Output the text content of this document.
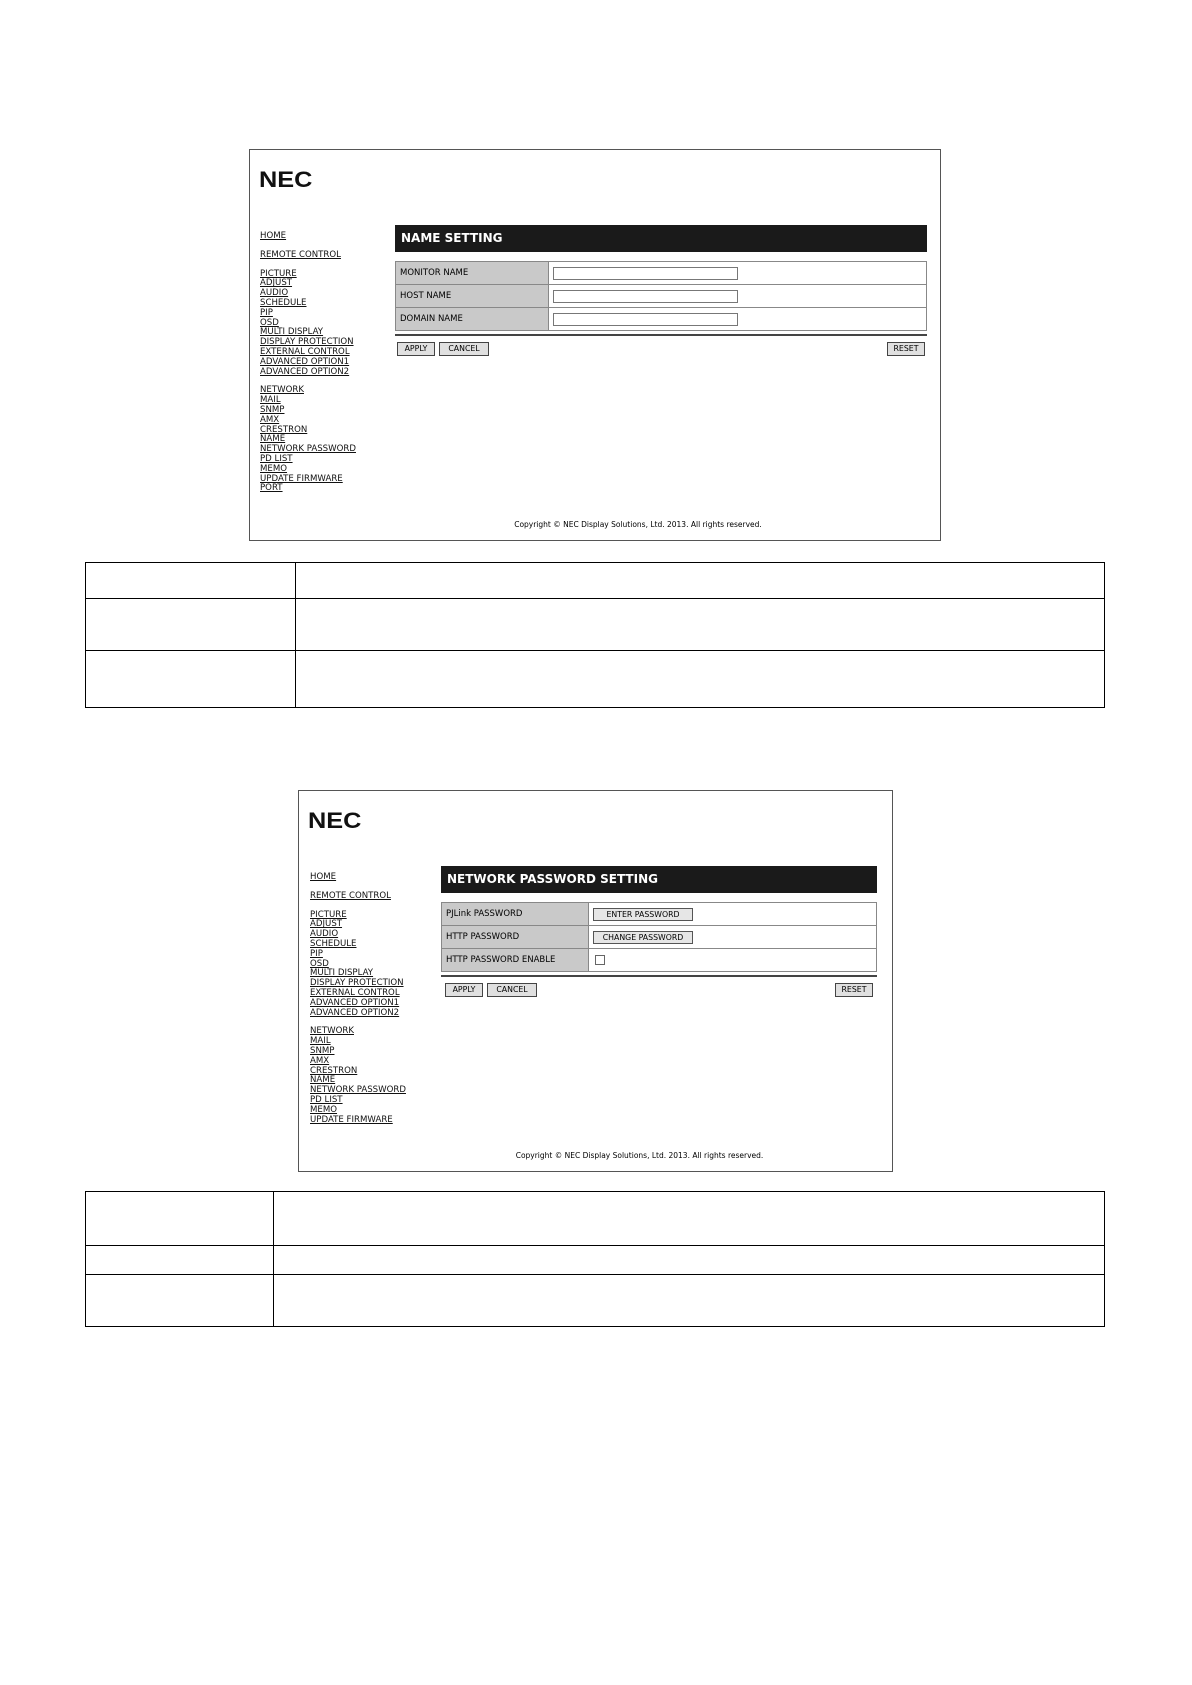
NEC
HOME
REMOTE CONTROL
PICTURE
ADJUST
AUDIO
SCHEDULE
PIP
OSD
MULTI DISPLAY
DISPLAY PROTECTION
EXTERNAL CONTROL
ADVANCED OPTION1
ADVANCED OPTION2
NETWORK
MAIL
SNMP
AMX
CRESTRON
NAME
NETWORK PASSWORD
PD LIST
MEMO
UPDATE FIRMWARE
PORT
NAME SETTING
MONITOR NAME	
HOST NAME	
DOMAIN NAME	
APPLY	CANCEL	RESET
Copyright © NEC Display Solutions, Ltd. 2013. All rights reserved.

NEC
HOME
REMOTE CONTROL
PICTURE
ADJUST
AUDIO
SCHEDULE
PIP
OSD
MULTI DISPLAY
DISPLAY PROTECTION
EXTERNAL CONTROL
ADVANCED OPTION1
ADVANCED OPTION2
NETWORK
MAIL
SNMP
AMX
CRESTRON
NAME
NETWORK PASSWORD
PD LIST
MEMO
UPDATE FIRMWARE
NETWORK PASSWORD SETTING
PJLink PASSWORD	ENTER PASSWORD
HTTP PASSWORD	CHANGE PASSWORD
HTTP PASSWORD ENABLE	
APPLY	CANCEL	RESET
Copyright © NEC Display Solutions, Ltd. 2013. All rights reserved.
